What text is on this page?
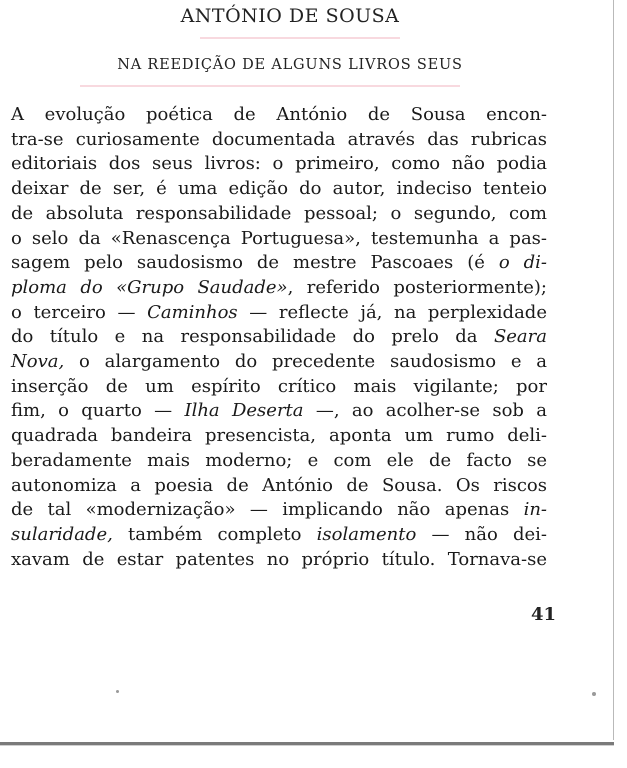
ANTÓNIO DE SOUSA
NA REEDIÇÃO DE ALGUNS LIVROS SEUS

A evolução poética de António de Sousa encon-
tra-se curiosamente documentada através das rubricas
editoriais dos seus livros: o primeiro, como não podia
deixar de ser, é uma edição do autor, indeciso tenteio
de absoluta responsabilidade pessoal; o segundo, com
o selo da «Renascença Portuguesa», testemunha a pas-
sagem pelo saudosismo de mestre Pascoaes (é o di-
ploma do «Grupo Saudade», referido posteriormente);
o terceiro — Caminhos — reflecte já, na perplexidade
do título e na responsabilidade do prelo da Seara
Nova, o alargamento do precedente saudosismo e a
inserção de um espírito crítico mais vigilante; por
fim, o quarto — Ilha Deserta —, ao acolher-se sob a
quadrada bandeira presencista, aponta um rumo deli-
beradamente mais moderno; e com ele de facto se
autonomiza a poesia de António de Sousa. Os riscos
de tal «modernização» — implicando não apenas in-
sularidade, também completo isolamento — não dei-
xavam de estar patentes no próprio título. Tornava-se

41
